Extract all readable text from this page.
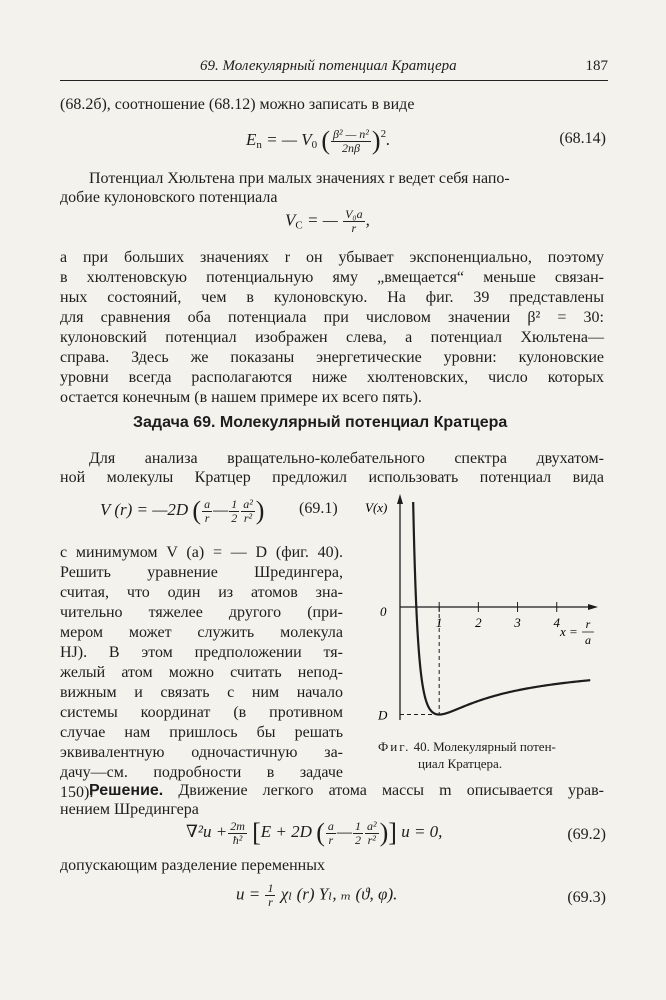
69. Молекулярный потенциал Кратцера	187
(68.2б), соотношение (68.12) можно записать в виде
$E_n$ = — $V_0$ ( $\frac{\text{β² — n²}}{2n\beta} )^2$.	(68.14)
Потенциал Хюльтена при малых значениях r ведет себя напо-
добие кулоновского потенциала
$V_C$ = — $\frac{\text{V₀a}}{r}$ ,
а при больших значениях r он убывает экспоненциально, поэтому
в хюлтеновскую потенциальную яму „вмещается“ меньше связан-
ных состояний, чем в кулоновскую. На фиг. 39 представлены
для сравнения оба потенциала при числовом значении β² = 30:
кулоновский потенциал изображен слева, а потенциал Хюльтена—
справа. Здесь же показаны энергетические уровни: кулоновские
уровни всегда располагаются ниже хюлтеновских, число которых
остается конечным (в нашем примере их всего пять).
Задача 69. Молекулярный потенциал Кратцера
Для анализа вращательно-колебательного спектра двухатом-
ной молекулы Кратцер предложил использовать потенциал вида
V (r) = —2D ( $\frac{a}{r}$ — $\frac{1}{2} \frac{\text{a²}}{\text{r²}}$ ) (69.1)
с минимумом V (a) = — D (фиг. 40).
Решить уравнение Шредингера,
считая, что один из атомов зна-
чительно тяжелее другого (при-
мером может служить молекула
HJ). В этом предположении тя-
желый атом можно считать непод-
вижным и связать с ним начало
системы координат (в противном
случае нам пришлось бы решать
эквивалентную одночастичную за-
дачу—см. подробности в задаче
150).
1	2	3	4
V(x)
0
D
x = r
a
Фиг. 40. Молекулярный потен-
циал Кратцера.
Решение. Движение легкого атома массы m описывается урав-
нением Шредингера
$\nabla^2u + \frac{2m}{\text{ħ²}} [E + 2D$ ( $\frac{a}{r}$ — $\frac{1}{2} \frac{\text{a²}}{\text{r²}}$ )] u = 0,	(69.2)
допускающим разделение переменных
$u = \frac{1}{r}$ χₗ (r) Yₗ, ₘ (ϑ, φ).	(69.3)
